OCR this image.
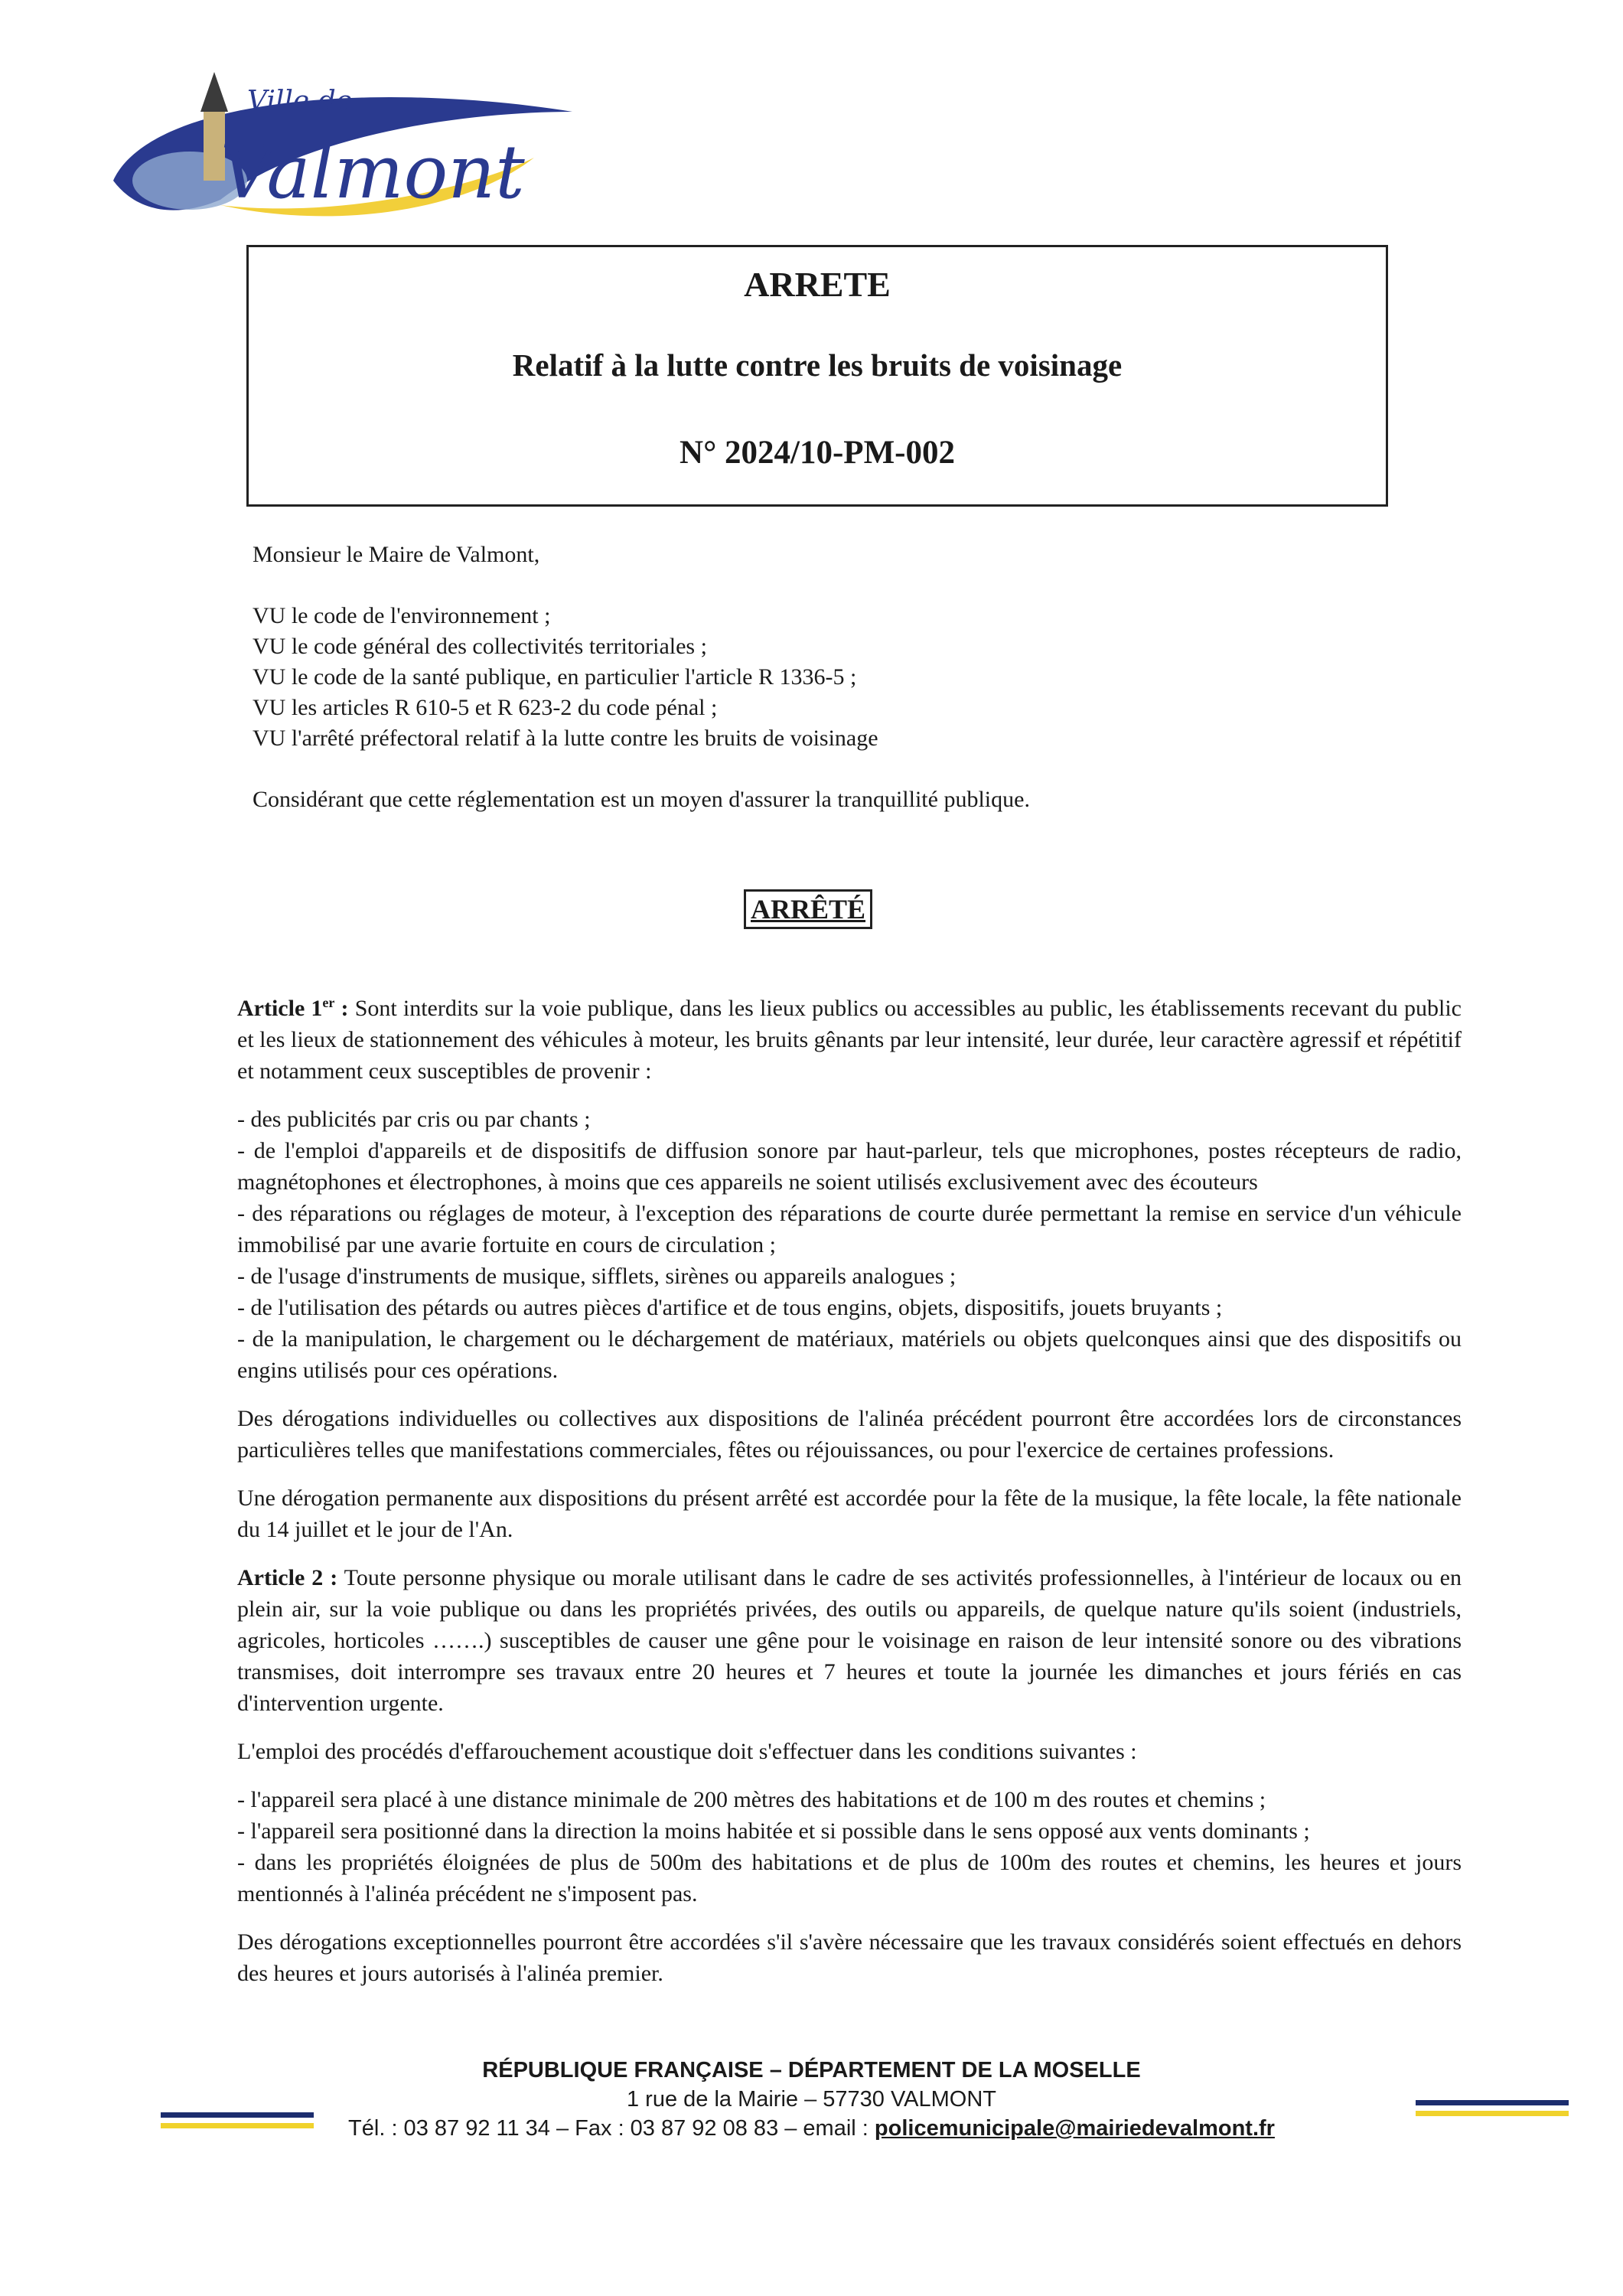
Ville de
Valmont
ARRETE
Relatif à la lutte contre les bruits de voisinage
N° 2024/10-PM-002

Monsieur le Maire de Valmont,

VU le code de l'environnement ;
VU le code général des collectivités territoriales ;
VU le code de la santé publique, en particulier l'article R 1336-5 ;
VU les articles R 610-5 et R 623-2 du code pénal ;
VU l'arrêté préfectoral relatif à la lutte contre les bruits de voisinage

Considérant que cette réglementation est un moyen d'assurer la tranquillité publique.

ARRÊTÉ

Article 1er : Sont interdits sur la voie publique, dans les lieux publics ou accessibles au public, les établissements recevant du public et les lieux de stationnement des véhicules à moteur, les bruits gênants par leur intensité, leur durée, leur caractère agressif et répétitif et notamment ceux susceptibles de provenir :

- des publicités par cris ou par chants ;
- de l'emploi d'appareils et de dispositifs de diffusion sonore par haut-parleur, tels que microphones, postes récepteurs de radio, magnétophones et électrophones, à moins que ces appareils ne soient utilisés exclusivement avec des écouteurs
- des réparations ou réglages de moteur, à l'exception des réparations de courte durée permettant la remise en service d'un véhicule immobilisé par une avarie fortuite en cours de circulation ;
- de l'usage d'instruments de musique, sifflets, sirènes ou appareils analogues ;
- de l'utilisation des pétards ou autres pièces d'artifice et de tous engins, objets, dispositifs, jouets bruyants ;
- de la manipulation, le chargement ou le déchargement de matériaux, matériels ou objets quelconques ainsi que des dispositifs ou engins utilisés pour ces opérations.

Des dérogations individuelles ou collectives aux dispositions de l'alinéa précédent pourront être accordées lors de circonstances particulières telles que manifestations commerciales, fêtes ou réjouissances, ou pour l'exercice de certaines professions.

Une dérogation permanente aux dispositions du présent arrêté est accordée pour la fête de la musique, la fête locale, la fête nationale du 14 juillet et le jour de l'An.

Article 2 : Toute personne physique ou morale utilisant dans le cadre de ses activités professionnelles, à l'intérieur de locaux ou en plein air, sur la voie publique ou dans les propriétés privées, des outils ou appareils, de quelque nature qu'ils soient (industriels, agricoles, horticoles …….) susceptibles de causer une gêne pour le voisinage en raison de leur intensité sonore ou des vibrations transmises, doit interrompre ses travaux entre 20 heures et 7 heures et toute la journée les dimanches et jours fériés en cas d'intervention urgente.

L'emploi des procédés d'effarouchement acoustique doit s'effectuer dans les conditions suivantes :

- l'appareil sera placé à une distance minimale de 200 mètres des habitations et de 100 m des routes et chemins ;
- l'appareil sera positionné dans la direction la moins habitée et si possible dans le sens opposé aux vents dominants ;
- dans les propriétés éloignées de plus de 500m des habitations et de plus de 100m des routes et chemins, les heures et jours mentionnés à l'alinéa précédent ne s'imposent pas.

Des dérogations exceptionnelles pourront être accordées s'il s'avère nécessaire que les travaux considérés soient effectués en dehors des heures et jours autorisés à l'alinéa premier.

RÉPUBLIQUE FRANÇAISE – DÉPARTEMENT DE LA MOSELLE
1 rue de la Mairie – 57730 VALMONT
Tél. : 03 87 92 11 34 – Fax : 03 87 92 08 83 – email : policemunicipale@mairiedevalmont.fr
